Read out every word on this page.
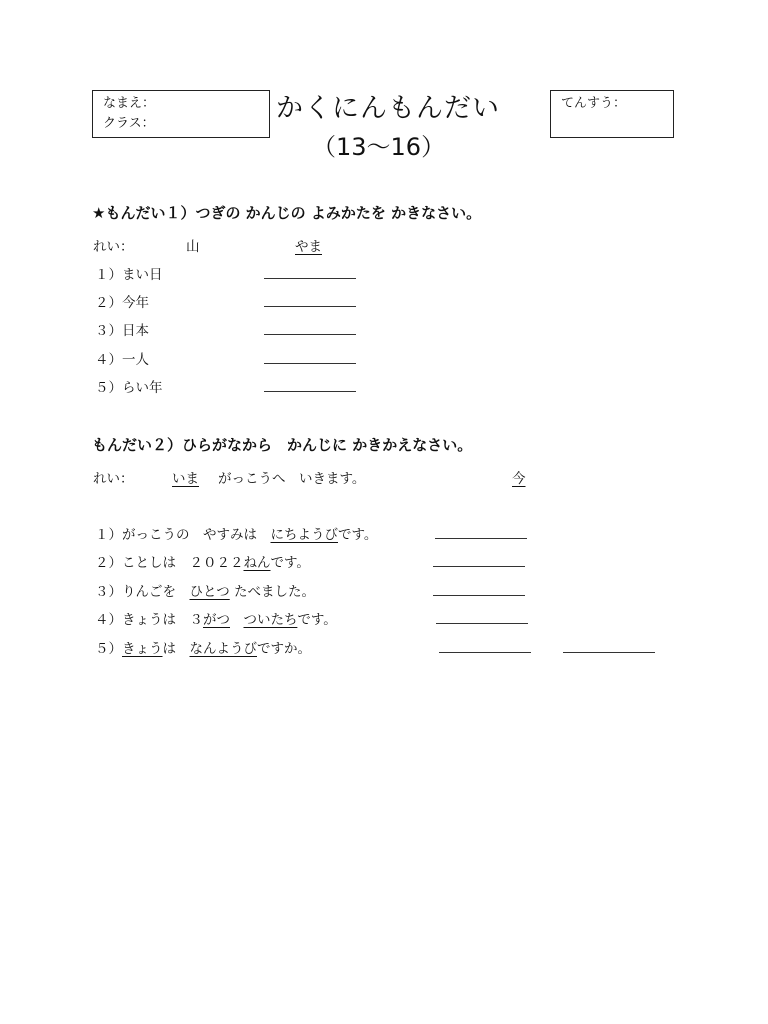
なまえ：
クラス：	かくにんもんだい
（13～16）
てんすう：
★もんだい１）つぎの かんじの よみかたを かきなさい。
れい：	山	やま
１）まい日
２）今年
３）日本
４）一人
５）らい年
もんだい２）ひらがなから　かんじに かきかえなさい。
れい：	いま がっこうへ　いきます。	今
１）がっこうの　やすみは　にちようびです。
２）ことしは　２０２２ねんです。
３）りんごを　ひとつ たべました。
４）きょうは　３がつ　 ついたちです。
５）きょうは　なんようびですか。
